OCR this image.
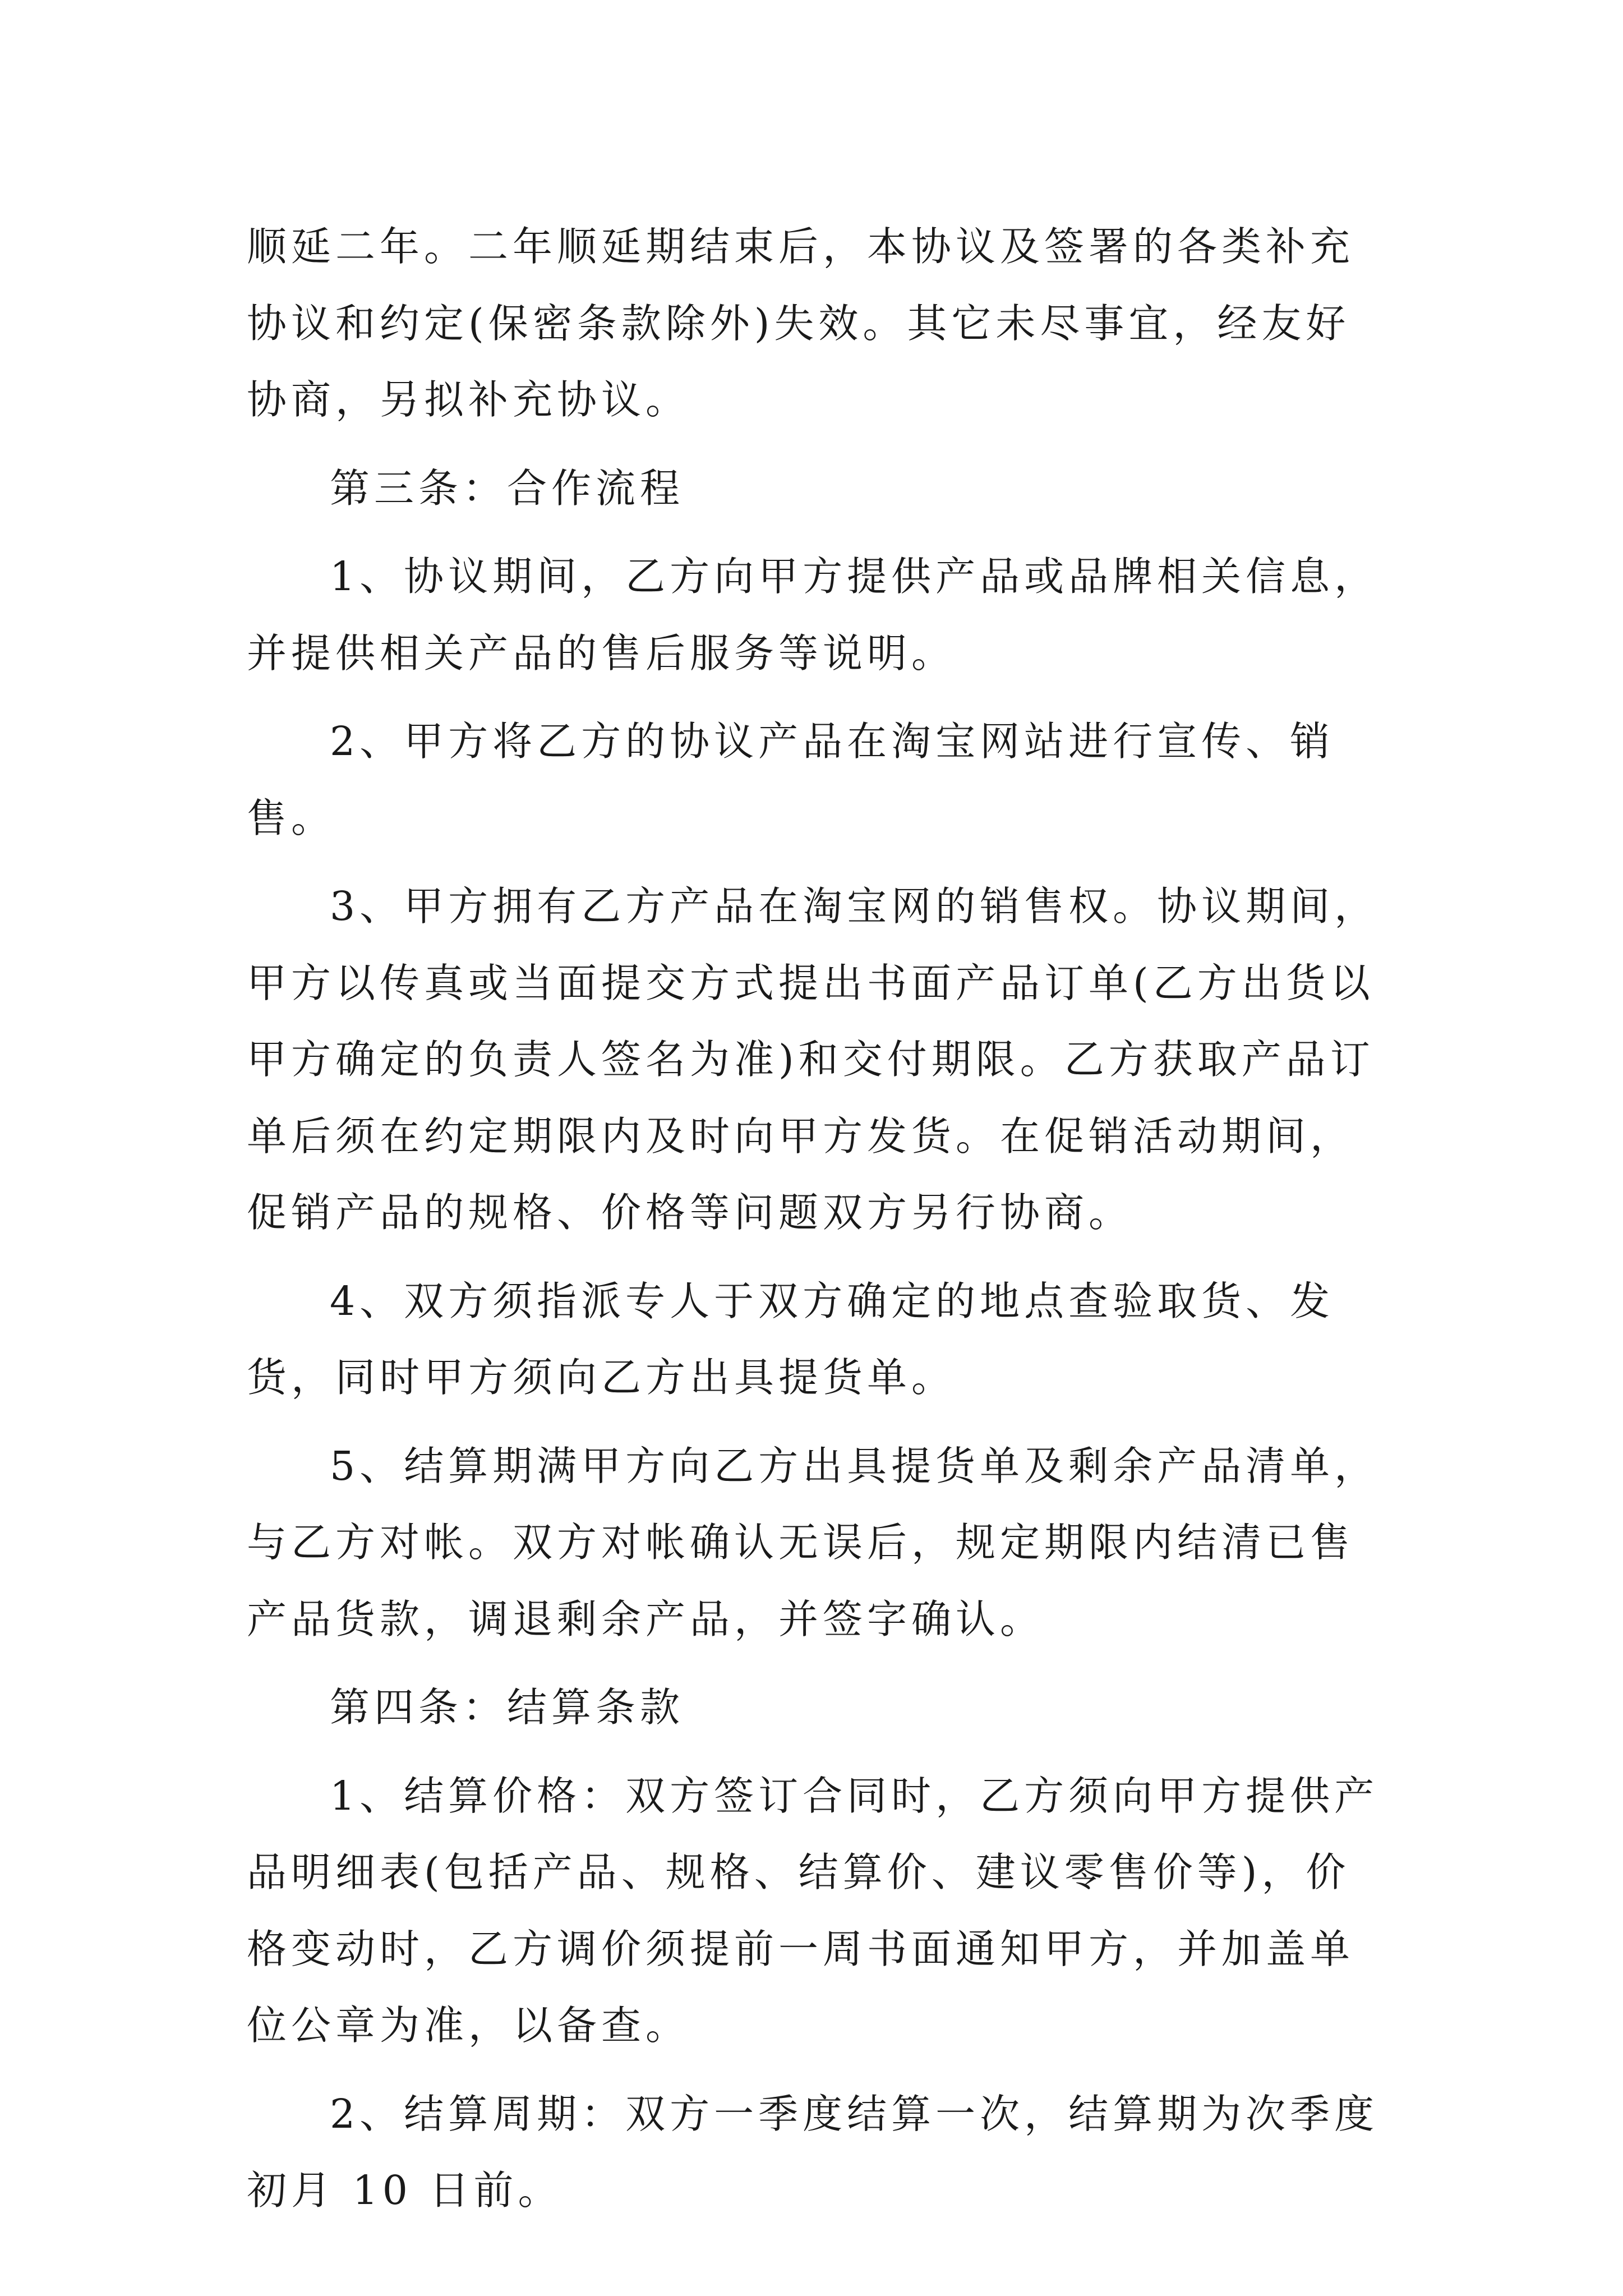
顺延二年。二年顺延期结束后，本协议及签署的各类补充协议和约定(保密条款除外)失效。其它未尽事宜，经友好协商，另拟补充协议。

第三条：合作流程

1、协议期间，乙方向甲方提供产品或品牌相关信息，并提供相关产品的售后服务等说明。

2、甲方将乙方的协议产品在淘宝网站进行宣传、销售。

3、甲方拥有乙方产品在淘宝网的销售权。协议期间，甲方以传真或当面提交方式提出书面产品订单(乙方出货以甲方确定的负责人签名为准)和交付期限。乙方获取产品订单后须在约定期限内及时向甲方发货。在促销活动期间，促销产品的规格、价格等问题双方另行协商。

4、双方须指派专人于双方确定的地点查验取货、发货，同时甲方须向乙方出具提货单。

5、结算期满甲方向乙方出具提货单及剩余产品清单，与乙方对帐。双方对帐确认无误后，规定期限内结清已售产品货款，调退剩余产品，并签字确认。

第四条：结算条款

1、结算价格：双方签订合同时，乙方须向甲方提供产品明细表(包括产品、规格、结算价、建议零售价等)，价格变动时，乙方调价须提前一周书面通知甲方，并加盖单位公章为准，以备查。

2、结算周期：双方一季度结算一次，结算期为次季度初月 10 日前。
